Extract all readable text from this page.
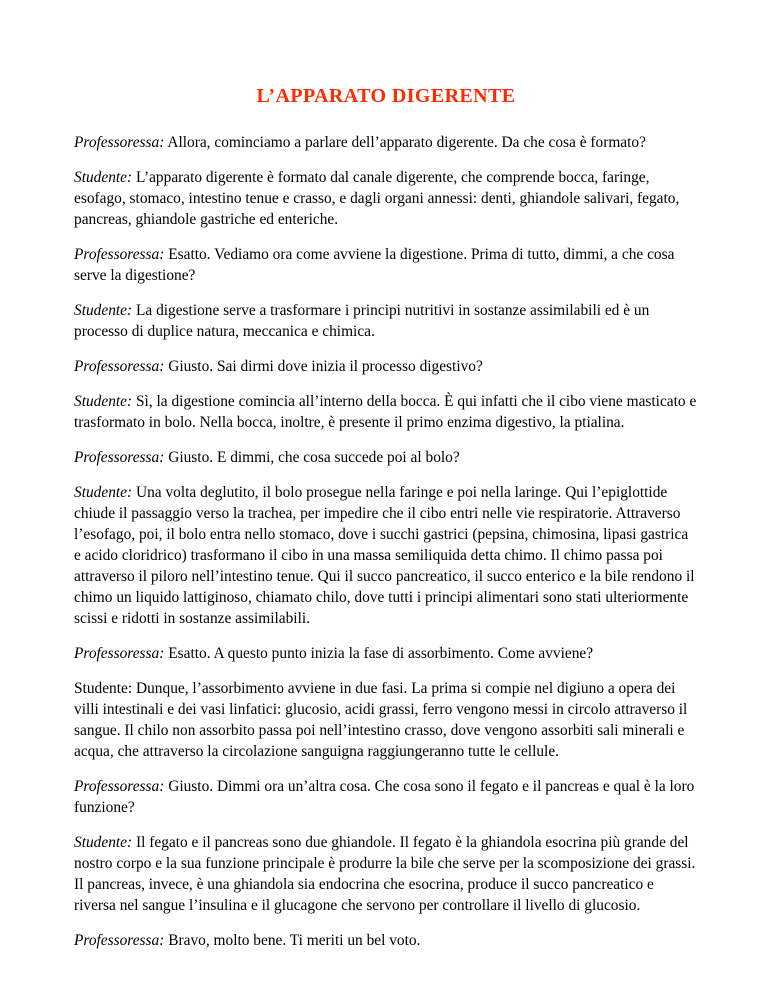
L’APPARATO DIGERENTE

Professoressa: Allora, cominciamo a parlare dell’apparato digerente. Da che cosa è formato?

Studente: L’apparato digerente è formato dal canale digerente, che comprende bocca, faringe, esofago, stomaco, intestino tenue e crasso, e dagli organi annessi: denti, ghiandole salivari, fegato, pancreas, ghiandole gastriche ed enteriche.

Professoressa: Esatto. Vediamo ora come avviene la digestione. Prima di tutto, dimmi, a che cosa serve la digestione?

Studente: La digestione serve a trasformare i principi nutritivi in sostanze assimilabili ed è un processo di duplice natura, meccanica e chimica.

Professoressa: Giusto. Sai dirmi dove inizia il processo digestivo?

Studente: Sì, la digestione comincia all’interno della bocca. È qui infatti che il cibo viene masticato e trasformato in bolo. Nella bocca, inoltre, è presente il primo enzima digestivo, la ptialina.

Professoressa: Giusto. E dimmi, che cosa succede poi al bolo?

Studente: Una volta deglutito, il bolo prosegue nella faringe e poi nella laringe. Qui l’epiglottide chiude il passaggio verso la trachea, per impedire che il cibo entri nelle vie respiratorie. Attraverso l’esofago, poi, il bolo entra nello stomaco, dove i succhi gastrici (pepsina, chimosina, lipasi gastrica e acido cloridrico) trasformano il cibo in una massa semiliquida detta chimo. Il chimo passa poi attraverso il piloro nell’intestino tenue. Qui il succo pancreatico, il succo enterico e la bile rendono il chimo un liquido lattiginoso, chiamato chilo, dove tutti i principi alimentari sono stati ulteriormente scissi e ridotti in sostanze assimilabili.

Professoressa: Esatto. A questo punto inizia la fase di assorbimento. Come avviene?

Studente: Dunque, l’assorbimento avviene in due fasi. La prima si compie nel digiuno a opera dei villi intestinali e dei vasi linfatici: glucosio, acidi grassi, ferro vengono messi in circolo attraverso il sangue. Il chilo non assorbito passa poi nell’intestino crasso, dove vengono assorbiti sali minerali e acqua, che attraverso la circolazione sanguigna raggiungeranno tutte le cellule.

Professoressa: Giusto. Dimmi ora un’altra cosa. Che cosa sono il fegato e il pancreas e qual è la loro funzione?

Studente: Il fegato e il pancreas sono due ghiandole. Il fegato è la ghiandola esocrina più grande del nostro corpo e la sua funzione principale è produrre la bile che serve per la scomposizione dei grassi. Il pancreas, invece, è una ghiandola sia endocrina che esocrina, produce il succo pancreatico e riversa nel sangue l’insulina e il glucagone che servono per controllare il livello di glucosio.

Professoressa: Bravo, molto bene. Ti meriti un bel voto.
